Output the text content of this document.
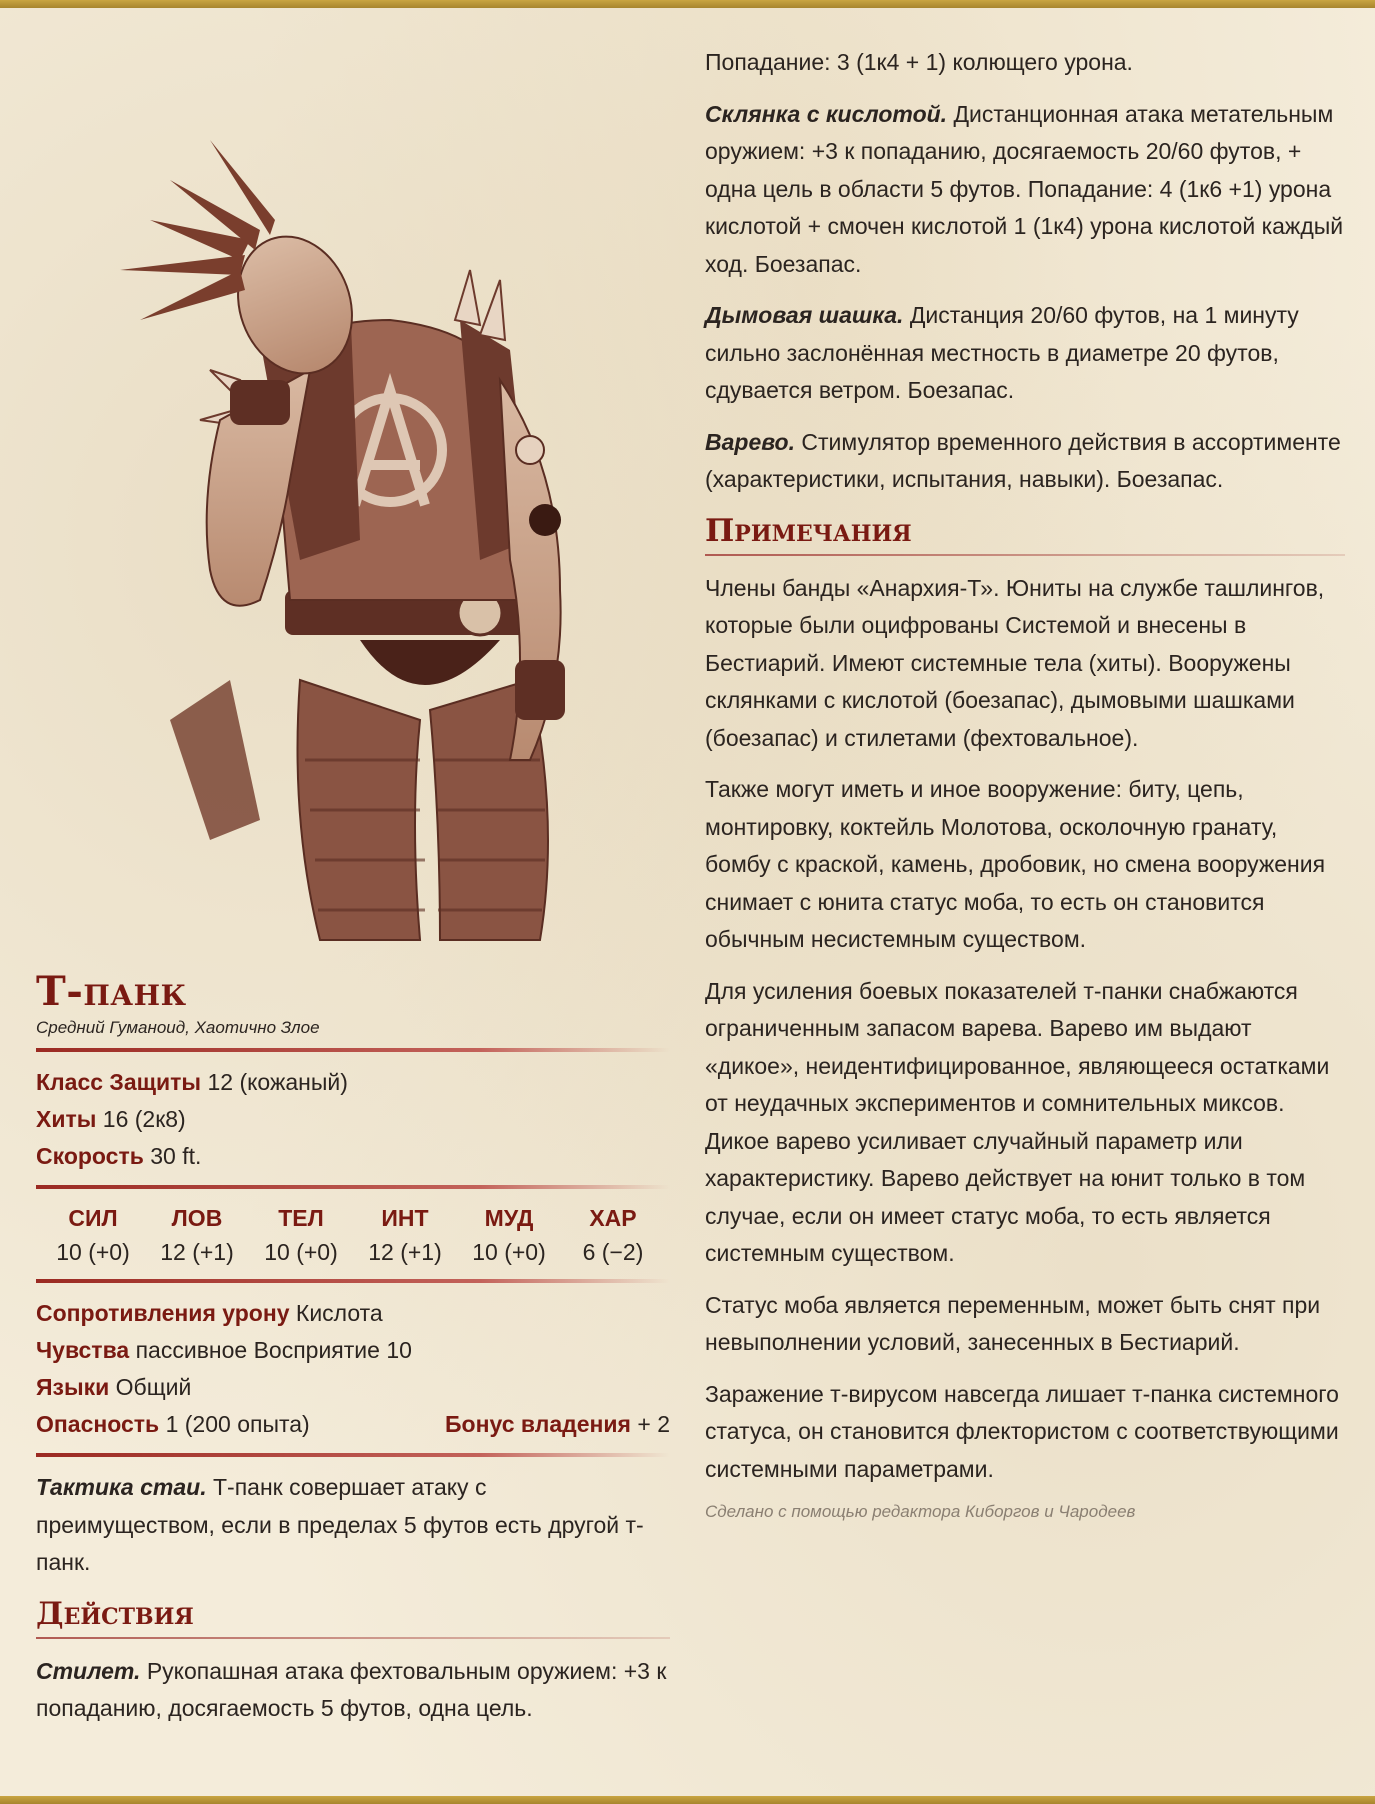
Т-панк
Средний Гуманоид, Хаотично Злое
Класс Защиты 12 (кожаный)
Хиты 16 (2к8)
Скорость 30 ft.
СИЛ
10 (+0)
ЛОВ
12 (+1)
ТЕЛ
10 (+0)
ИНТ
12 (+1)
МУД
10 (+0)
ХАР
6 (−2)
Сопротивления урону Кислота
Чувства пассивное Восприятие 10
Языки Общий
Опасность 1 (200 опыта)	Бонус владения + 2

Тактика стаи. Т-панк совершает атаку с преимуществом, если в пределах 5 футов есть другой т-панк.

Действия

Стилет. Рукопашная атака фехтовальным оружием: +3 к попаданию, досягаемость 5 футов, одна цель.

Попадание: 3 (1к4 + 1) колющего урона.

Склянка с кислотой. Дистанционная атака метательным оружием: +3 к попаданию, досягаемость 20/60 футов, + одна цель в области 5 футов. Попадание: 4 (1к6 +1) урона кислотой + смочен кислотой 1 (1к4) урона кислотой каждый ход. Боезапас.

Дымовая шашка. Дистанция 20/60 футов, на 1 минуту сильно заслонённая местность в диаметре 20 футов, сдувается ветром. Боезапас.

Варево. Стимулятор временного действия в ассортименте (характеристики, испытания, навыки). Боезапас.

Примечания

Члены банды «Анархия-Т». Юниты на службе ташлингов, которые были оцифрованы Системой и внесены в Бестиарий. Имеют системные тела (хиты). Вооружены склянками с кислотой (боезапас), дымовыми шашками (боезапас) и стилетами (фехтовальное).

Также могут иметь и иное вооружение: биту, цепь, монтировку, коктейль Молотова, осколочную гранату, бомбу с краской, камень, дробовик, но смена вооружения снимает с юнита статус моба, то есть он становится обычным несистемным существом.

Для усиления боевых показателей т-панки снабжаются ограниченным запасом варева. Варево им выдают «дикое», неидентифицированное, являющееся остатками от неудачных экспериментов и сомнительных миксов. Дикое варево усиливает случайный параметр или характеристику. Варево действует на юнит только в том случае, если он имеет статус моба, то есть является системным существом.

Статус моба является переменным, может быть снят при невыполнении условий, занесенных в Бестиарий.

Заражение т-вирусом навсегда лишает т-панка системного статуса, он становится флектористом с соответствующими системными параметрами.

Сделано с помощью редактора Киборгов и Чародеев
